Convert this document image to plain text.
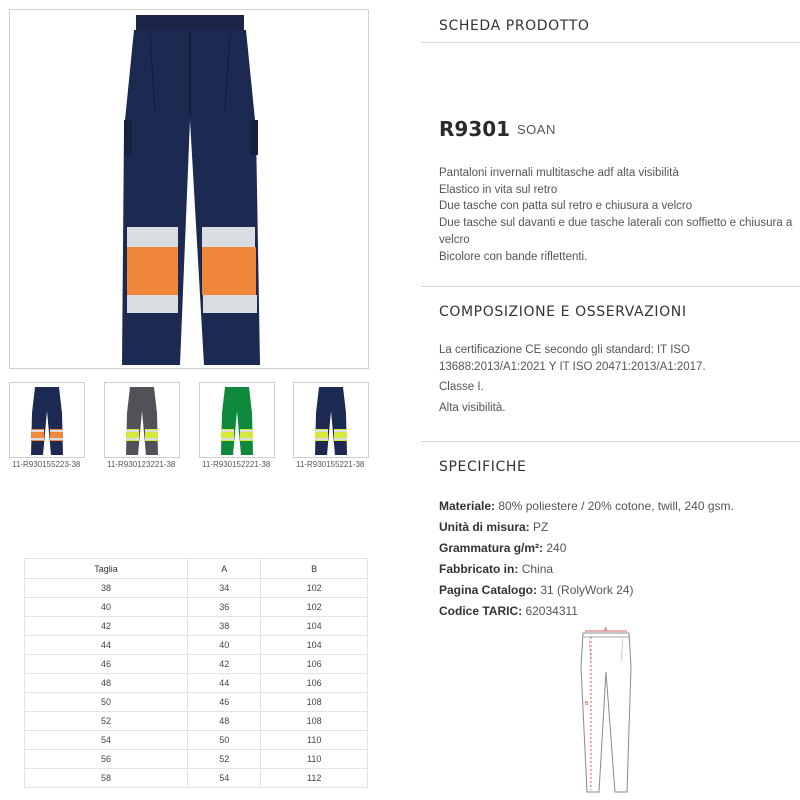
11-R930155223-38	11-R930123221-38	11-R930152221-38	11-R930155221-38
Taglia	A	B
38	34	102
40	36	102
42	38	104
44	40	104
46	42	106
48	44	106
50	46	108
52	48	108
54	50	110
56	52	110
58	54	112
SCHEDA PRODOTTO
R9301 SOAN
Pantaloni invernali multitasche adf alta visibilità
Elastico in vita sul retro
Due tasche con patta sul retro e chiusura a velcro
Due tasche sul davanti e due tasche laterali con soffietto e chiusura a velcro
Bicolore con bande riflettenti.
COMPOSIZIONE E OSSERVAZIONI

La certificazione CE secondo gli standard: IT ISO 13688:2013/A1:2021 Y IT ISO 20471:2013/A1:2017.

Classe I.

Alta visibilità.

SPECIFICHE
Materiale: 80% poliestere / 20% cotone, twill, 240 gsm.
Unità di misura: PZ
Grammatura g/m²: 240
Fabbricato in: China
Pagina Catalogo: 31 (RolyWork 24)
Codice TARIC: 62034311
A
B
